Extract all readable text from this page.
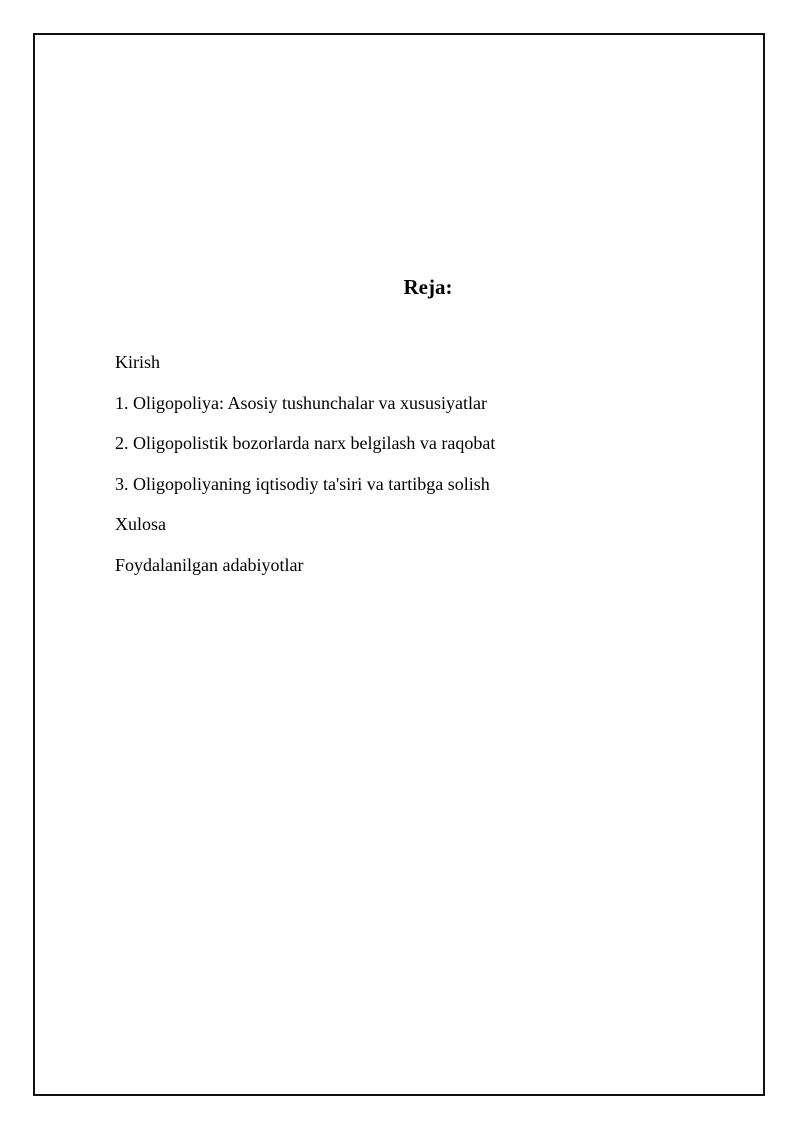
Reja:
Kirish
1. Oligopoliya: Asosiy tushunchalar va xususiyatlar
2. Oligopolistik bozorlarda narx belgilash va raqobat
3. Oligopoliyaning iqtisodiy ta'siri va tartibga solish
Xulosa
Foydalanilgan adabiyotlar
